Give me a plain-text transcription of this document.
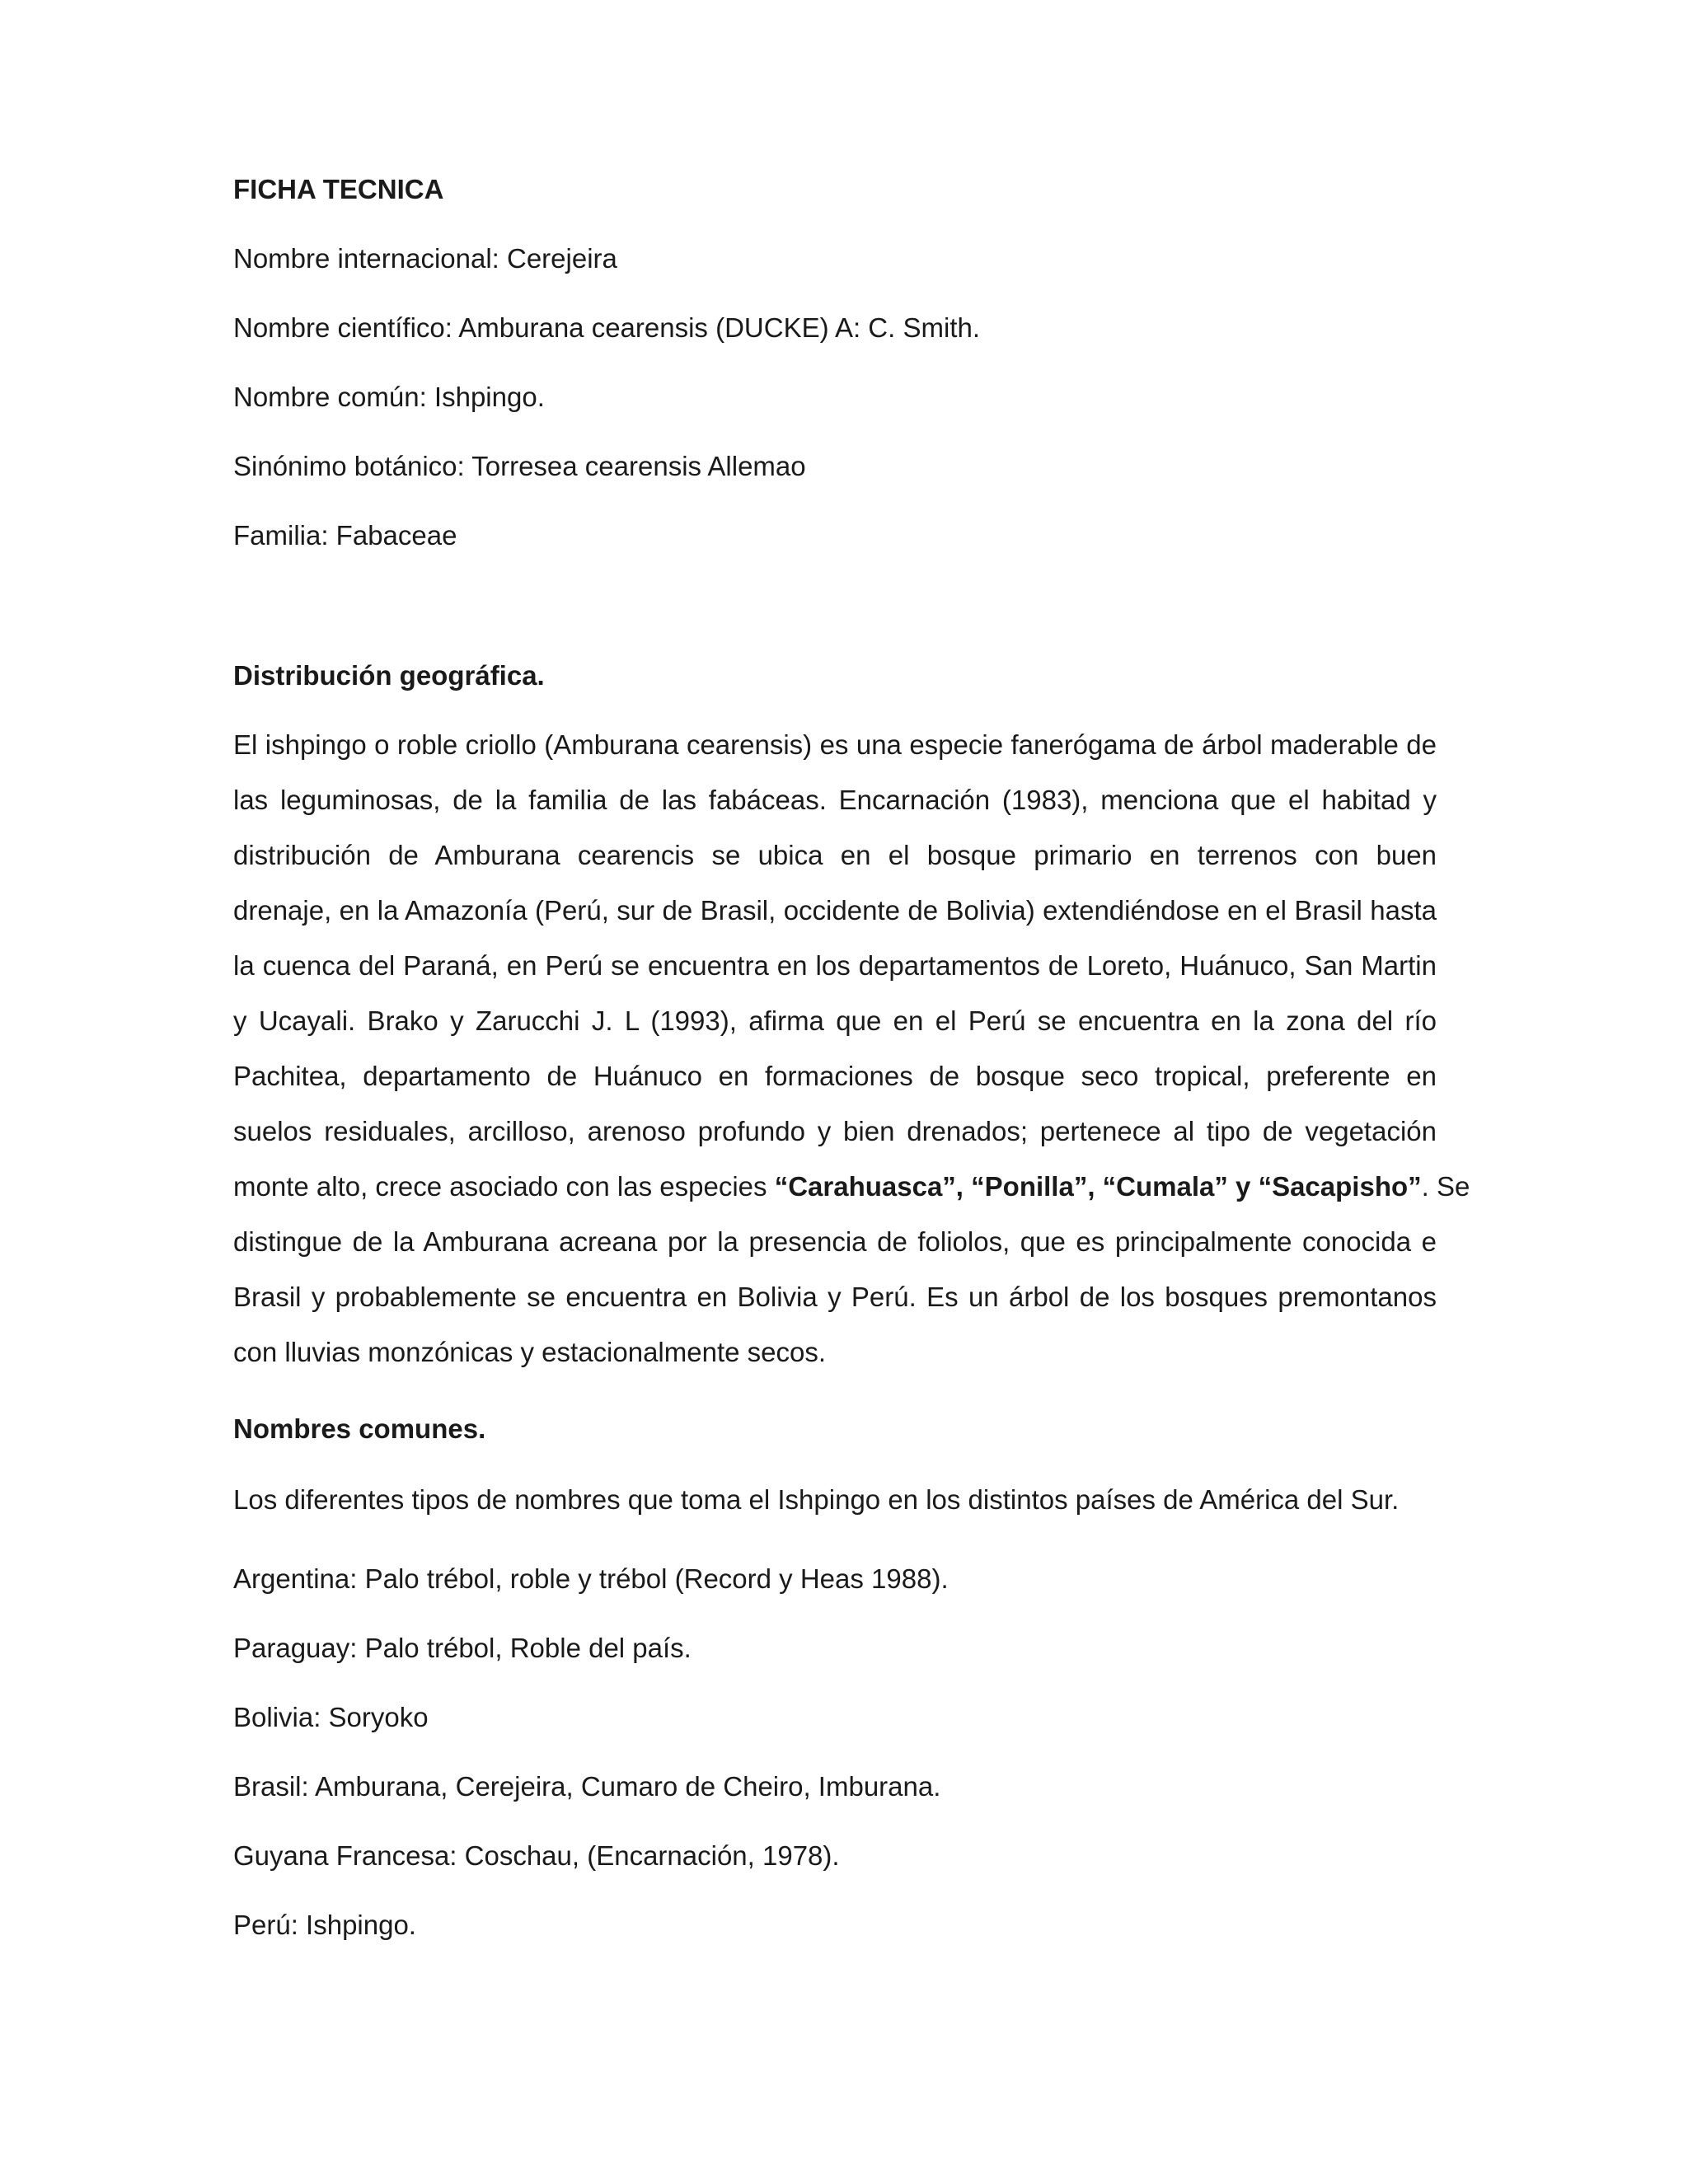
FICHA TECNICA
Nombre internacional: Cerejeira
Nombre científico: Amburana cearensis (DUCKE) A: C. Smith.
Nombre común: Ishpingo.
Sinónimo botánico: Torresea cearensis Allemao
Familia: Fabaceae
Distribución geográfica.
El ishpingo o roble criollo (Amburana cearensis) es una especie fanerógama de árbol maderable de
las leguminosas, de la familia de las fabáceas. Encarnación (1983), menciona que el habitad y
distribución de Amburana cearencis se ubica en el bosque primario en terrenos con buen
drenaje, en la Amazonía (Perú, sur de Brasil, occidente de Bolivia) extendiéndose en el Brasil hasta
la cuenca del Paraná, en Perú se encuentra en los departamentos de Loreto, Huánuco, San Martin
y Ucayali. Brako y Zarucchi J. L (1993), afirma que en el Perú se encuentra en la zona del río
Pachitea, departamento de Huánuco en formaciones de bosque seco tropical, preferente en
suelos residuales, arcilloso, arenoso profundo y bien drenados; pertenece al tipo de vegetación
monte alto, crece asociado con las especies “Carahuasca”, “Ponilla”, “Cumala” y “Sacapisho”. Se
distingue de la Amburana acreana por la presencia de foliolos, que es principalmente conocida e
Brasil y probablemente se encuentra en Bolivia y Perú. Es un árbol de los bosques premontanos
con lluvias monzónicas y estacionalmente secos.
Nombres comunes.
Los diferentes tipos de nombres que toma el Ishpingo en los distintos países de América del Sur.
Argentina: Palo trébol, roble y trébol (Record y Heas 1988).
Paraguay: Palo trébol, Roble del país.
Bolivia: Soryoko
Brasil: Amburana, Cerejeira, Cumaro de Cheiro, Imburana.
Guyana Francesa: Coschau, (Encarnación, 1978).
Perú: Ishpingo.
